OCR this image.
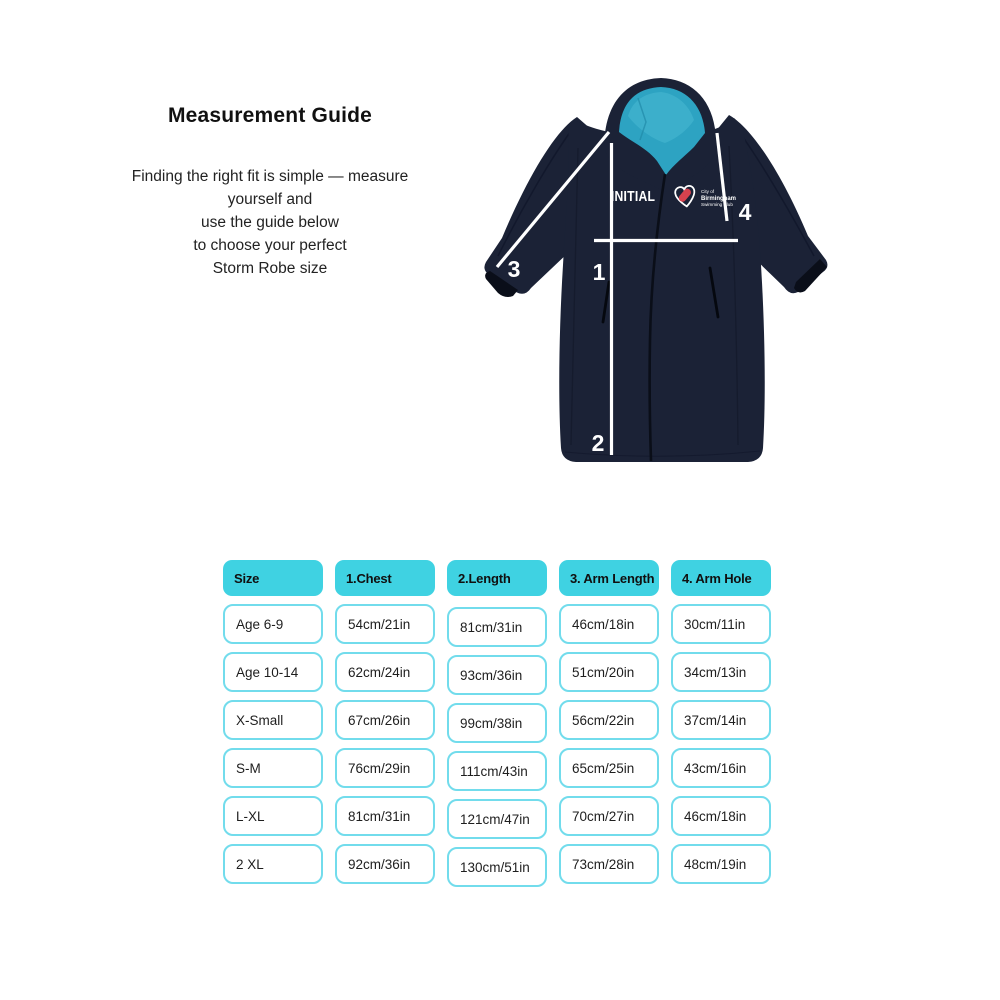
Measurement Guide

Finding the right fit is simple — measure

yourself and

use the guide below

to choose your perfect

Storm Robe size

INITIAL	City of
Birmingham
Swimming Club
1
2
3
4
Size	1.Chest	2.Length	3. Arm Length	4. Arm Hole
Age 6-9	54cm/21in	81cm/31in	46cm/18in	30cm/11in
Age 10-14	62cm/24in	93cm/36in	51cm/20in	34cm/13in
X-Small	67cm/26in	99cm/38in	56cm/22in	37cm/14in
S-M	76cm/29in	111cm/43in	65cm/25in	43cm/16in
L-XL	81cm/31in	121cm/47in	70cm/27in	46cm/18in
2 XL	92cm/36in	130cm/51in	73cm/28in	48cm/19in
